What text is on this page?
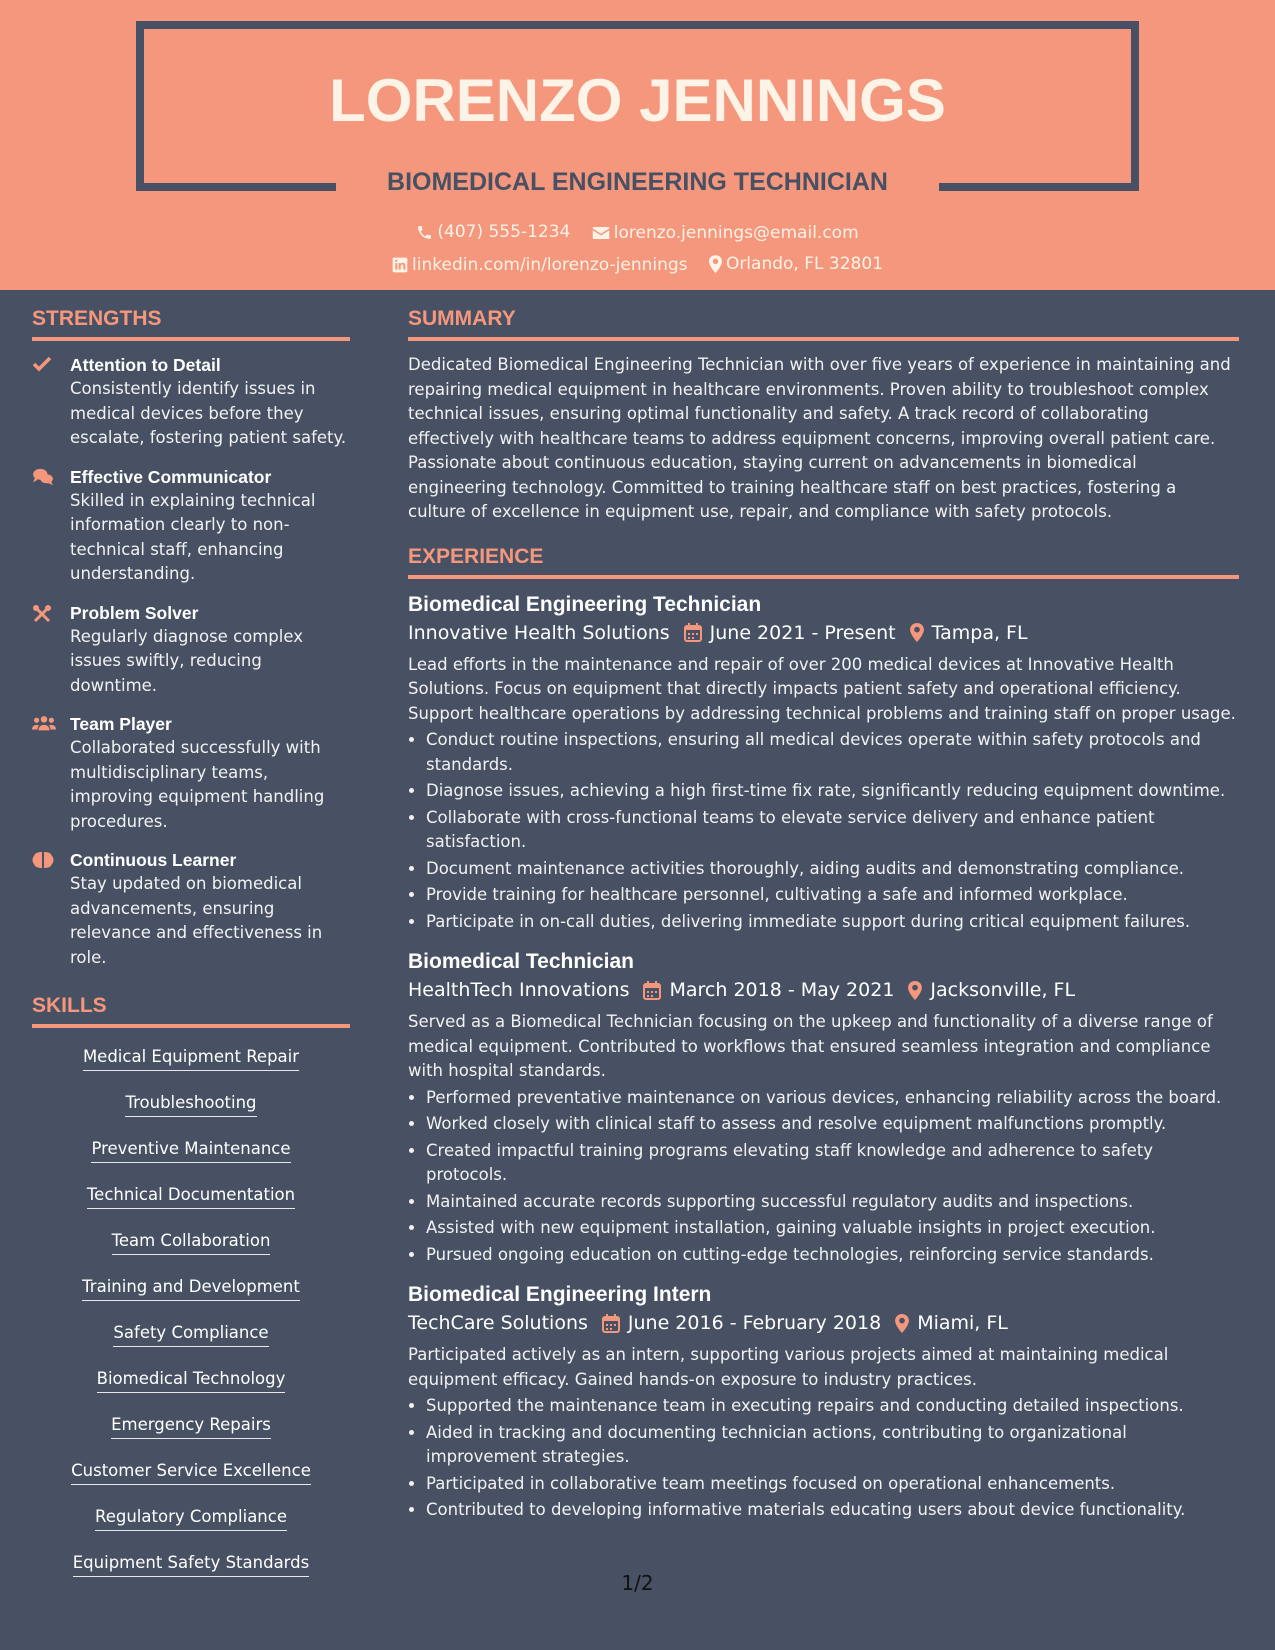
LORENZO JENNINGS
BIOMEDICAL ENGINEERING TECHNICIAN
(407) 555-1234
	lorenzo.jennings@email.com
linkedin.com/in/lorenzo-jennings
Orlando, FL 32801
STRENGTHS
Attention to Detail
Consistently identify issues in medical devices before they escalate, fostering patient safety.
Effective Communicator
Skilled in explaining technical information clearly to non-technical staff, enhancing understanding.
Problem Solver
Regularly diagnose complex issues swiftly, reducing downtime.
Team Player
Collaborated successfully with multidisciplinary teams, improving equipment handling procedures.
Continuous Learner
Stay updated on biomedical advancements, ensuring relevance and effectiveness in role.
SKILLS
Medical Equipment Repair
Troubleshooting
Preventive Maintenance
Technical Documentation
Team Collaboration
Training and Development
Safety Compliance
Biomedical Technology
Emergency Repairs
Customer Service Excellence
Regulatory Compliance
Equipment Safety Standards
SUMMARY
Dedicated Biomedical Engineering Technician with over five years of experience in maintaining and repairing medical equipment in healthcare environments. Proven ability to troubleshoot complex technical issues, ensuring optimal functionality and safety. A track record of collaborating effectively with healthcare teams to address equipment concerns, improving overall patient care. Passionate about continuous education, staying current on advancements in biomedical engineering technology. Committed to training healthcare staff on best practices, fostering a culture of excellence in equipment use, repair, and compliance with safety protocols.
EXPERIENCE
Biomedical Engineering Technician
Innovative Health Solutions June 2021 - Present Tampa, FL
Lead efforts in the maintenance and repair of over 200 medical devices at Innovative Health Solutions. Focus on equipment that directly impacts patient safety and operational efficiency. Support healthcare operations by addressing technical problems and training staff on proper usage.
• Conduct routine inspections, ensuring all medical devices operate within safety protocols and standards.
• Diagnose issues, achieving a high first-time fix rate, significantly reducing equipment downtime.
• Collaborate with cross-functional teams to elevate service delivery and enhance patient satisfaction.
• Document maintenance activities thoroughly, aiding audits and demonstrating compliance.
• Provide training for healthcare personnel, cultivating a safe and informed workplace.
• Participate in on-call duties, delivering immediate support during critical equipment failures.
Biomedical Technician
HealthTech Innovations March 2018 - May 2021 Jacksonville, FL
Served as a Biomedical Technician focusing on the upkeep and functionality of a diverse range of medical equipment. Contributed to workflows that ensured seamless integration and compliance with hospital standards.
• Performed preventative maintenance on various devices, enhancing reliability across the board.
• Worked closely with clinical staff to assess and resolve equipment malfunctions promptly.
• Created impactful training programs elevating staff knowledge and adherence to safety protocols.
• Maintained accurate records supporting successful regulatory audits and inspections.
• Assisted with new equipment installation, gaining valuable insights in project execution.
• Pursued ongoing education on cutting-edge technologies, reinforcing service standards.
Biomedical Engineering Intern
TechCare Solutions June 2016 - February 2018 Miami, FL
Participated actively as an intern, supporting various projects aimed at maintaining medical equipment efficacy. Gained hands-on exposure to industry practices.
• Supported the maintenance team in executing repairs and conducting detailed inspections.
• Aided in tracking and documenting technician actions, contributing to organizational improvement strategies.
• Participated in collaborative team meetings focused on operational enhancements.
• Contributed to developing informative materials educating users about device functionality.
1/2
